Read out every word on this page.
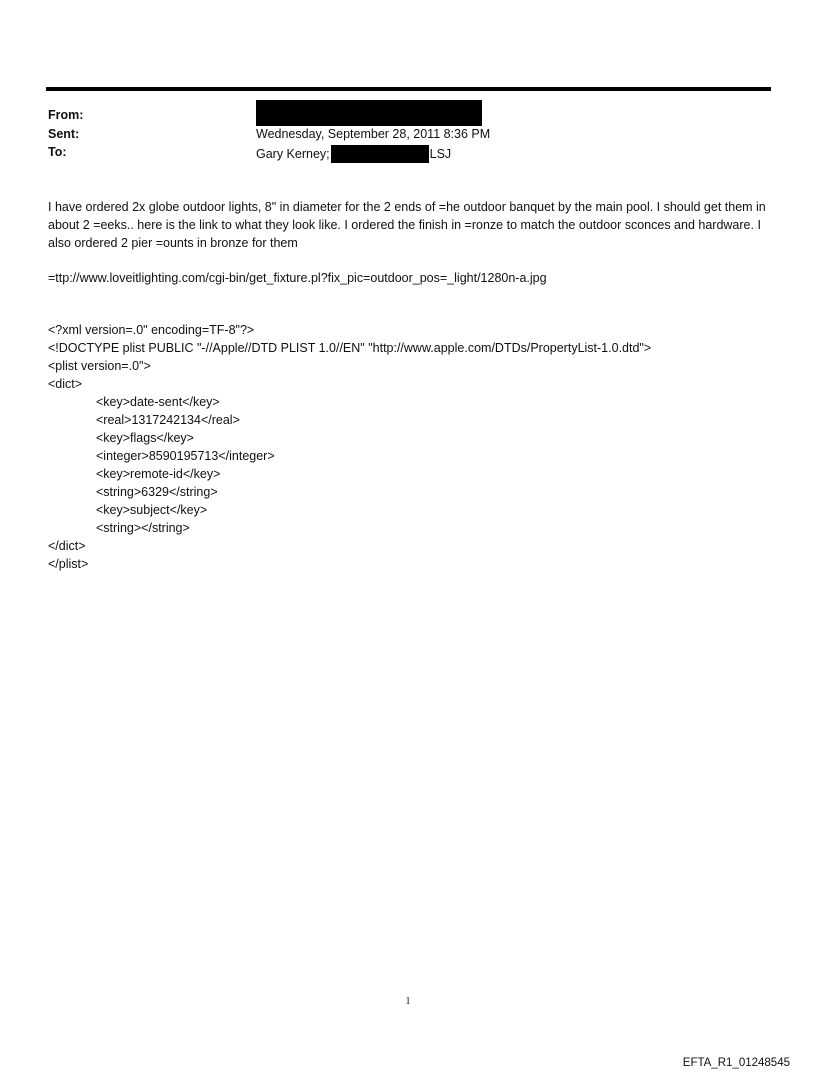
From:
Sent:	Wednesday, September 28, 2011 8:36 PM
To:	Gary Kerney;	LSJ

I have ordered 2x globe outdoor lights, 8" in diameter for the 2 ends of =he outdoor banquet by the main pool. I should get them in about 2 =eeks.. here is the link to what they look like. I ordered the finish in =ronze to match the outdoor sconces and hardware. I also ordered 2 pier =ounts in bronze for them

=ttp://www.loveitlighting.com/cgi-bin/get_fixture.pl?fix_pic=outdoor_pos=_light/1280n-a.jpg

<?xml version=.0" encoding=TF-8"?>
<!DOCTYPE plist PUBLIC "-//Apple//DTD PLIST 1.0//EN" "http://www.apple.com/DTDs/PropertyList-1.0.dtd">
<plist version=.0">
<dict>
<key>date-sent</key>
<real>1317242134</real>
<key>flags</key>
<integer>8590195713</integer>
<key>remote-id</key>
<string>6329</string>
<key>subject</key>
<string></string>
</dict>
</plist>
1
EFTA_R1_01248545
